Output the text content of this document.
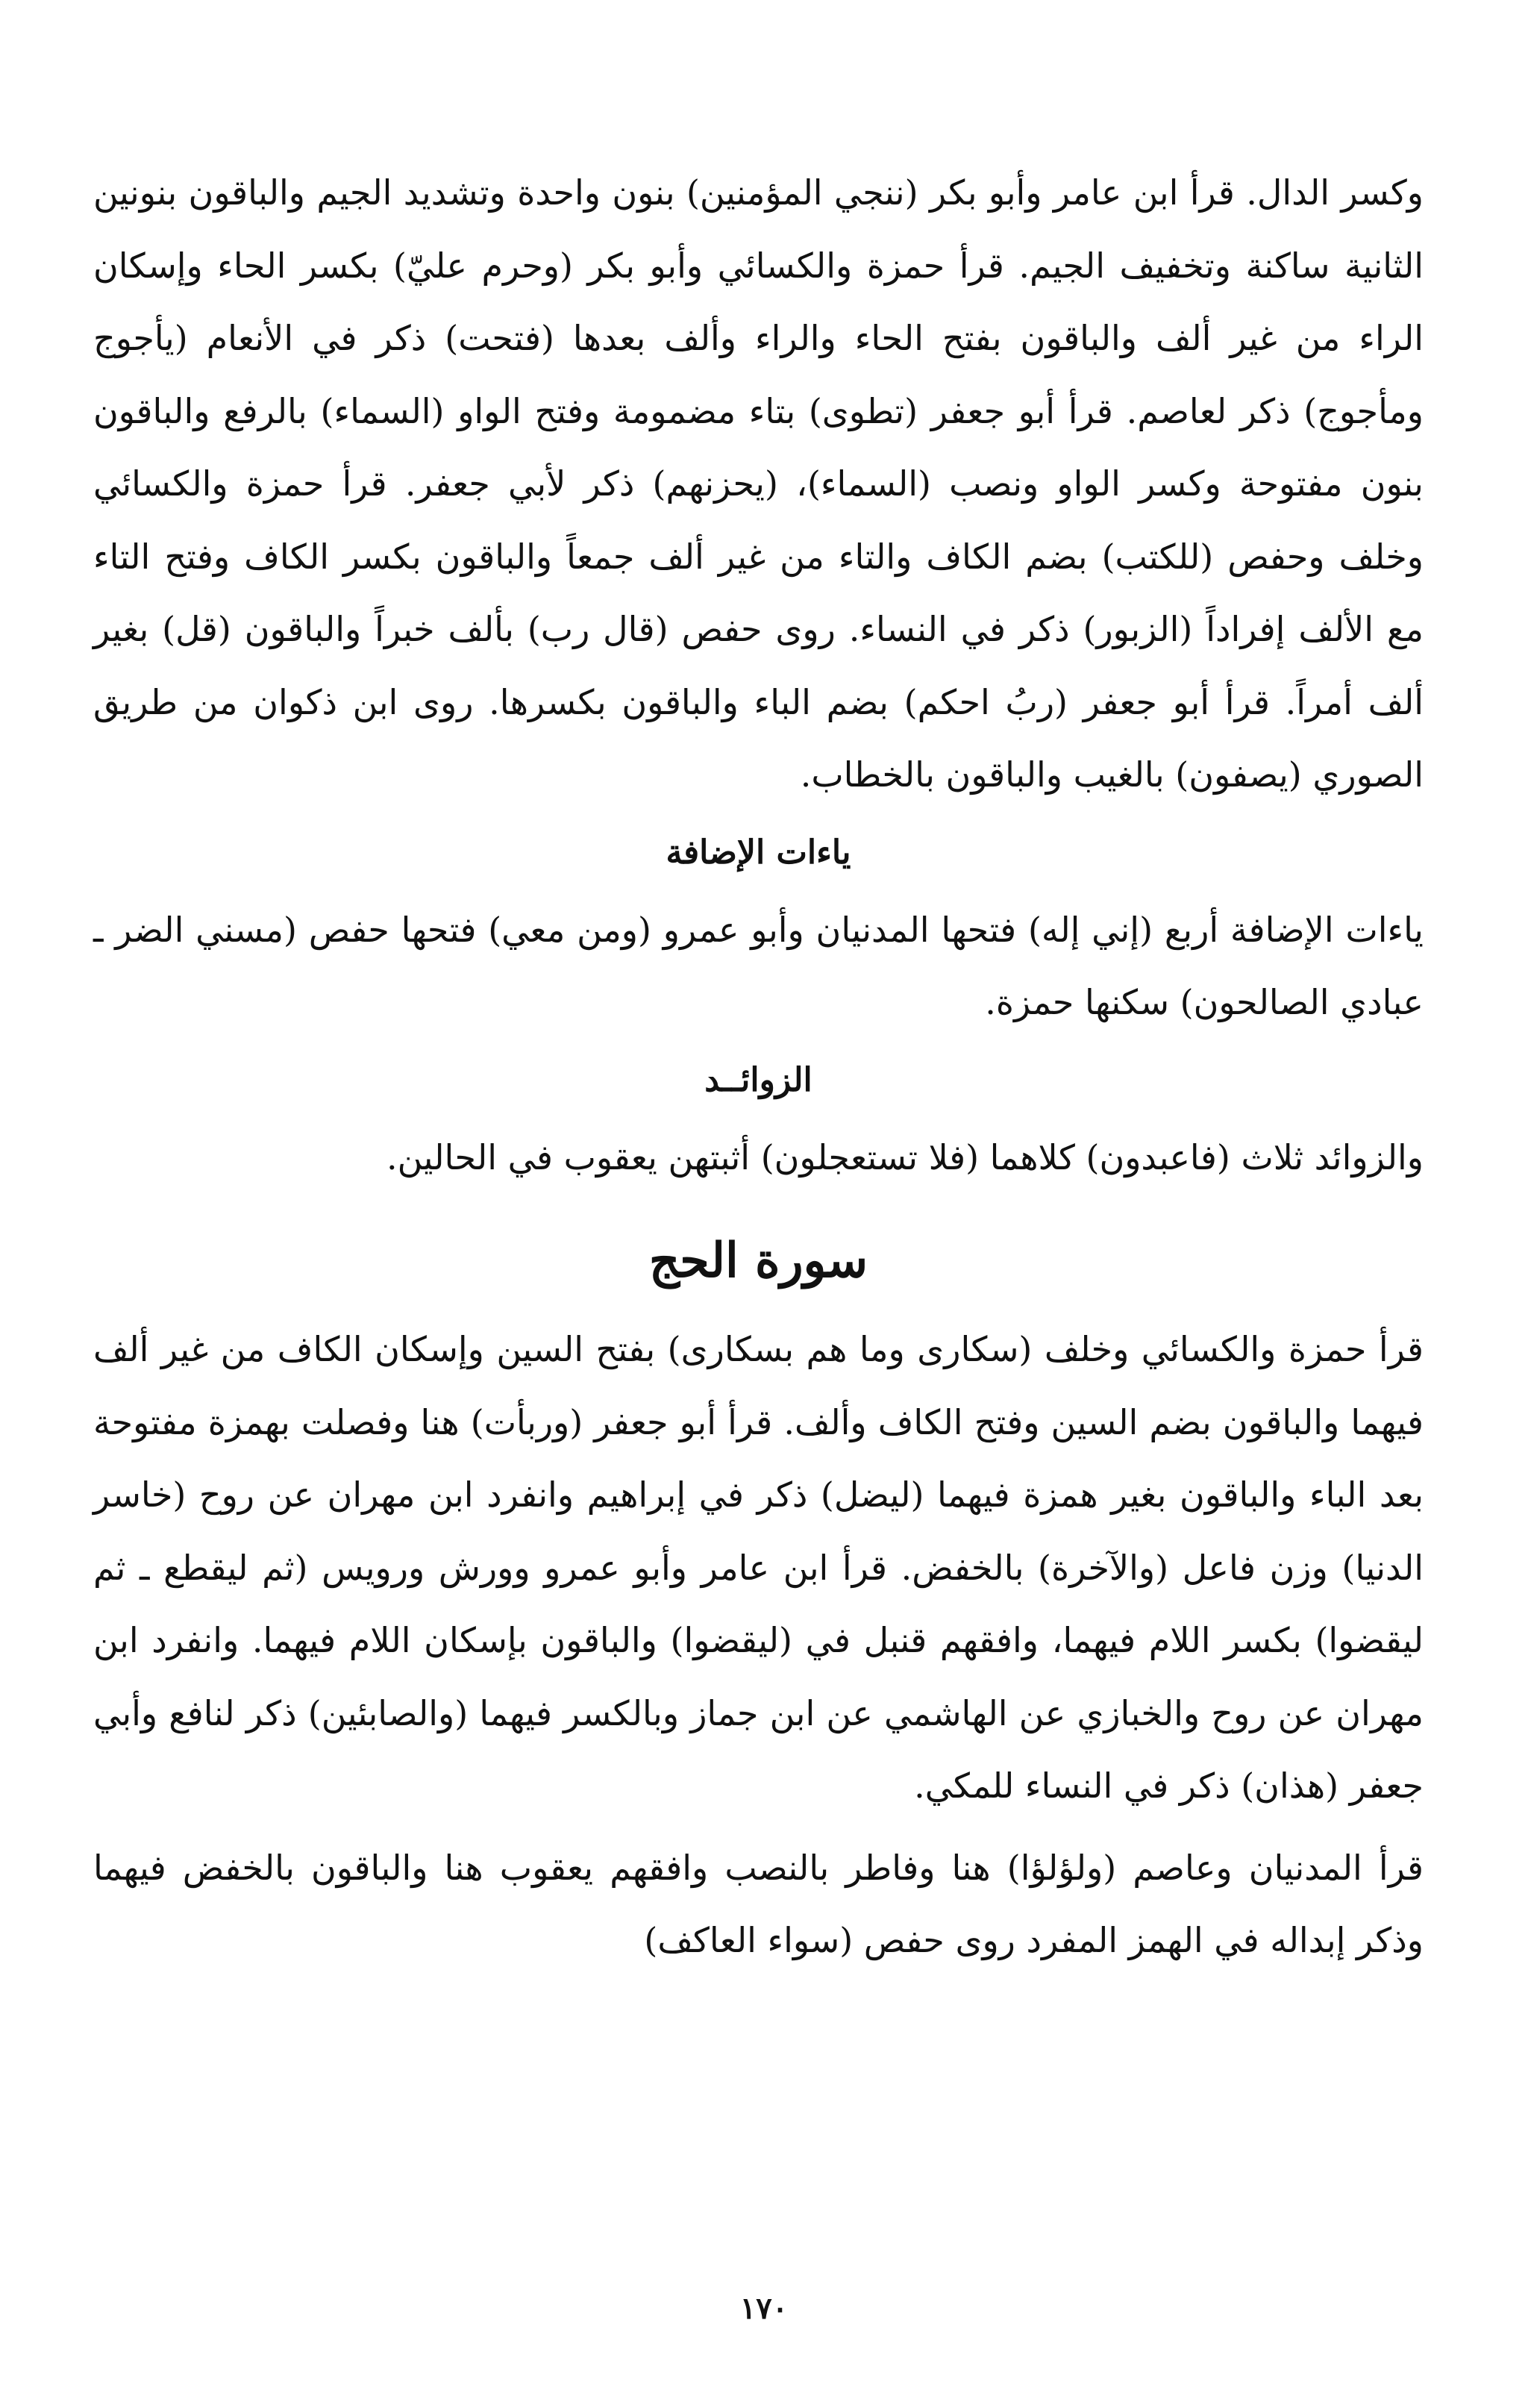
وكسر الدال. قرأ ابن عامر وأبو بكر (ننجي المؤمنين) بنون واحدة وتشديد الجيم والباقون بنونين الثانية ساكنة وتخفيف الجيم. قرأ حمزة والكسائي وأبو بكر (وحرم عليّ) بكسر الحاء وإسكان الراء من غير ألف والباقون بفتح الحاء والراء وألف بعدها (فتحت) ذكر في الأنعام (يأجوج ومأجوج) ذكر لعاصم. قرأ أبو جعفر (تطوى) بتاء مضمومة وفتح الواو (السماء) بالرفع والباقون بنون مفتوحة وكسر الواو ونصب (السماء)، (يحزنهم) ذكر لأبي جعفر. قرأ حمزة والكسائي وخلف وحفص (للكتب) بضم الكاف والتاء من غير ألف جمعاً والباقون بكسر الكاف وفتح التاء مع الألف إفراداً (الزبور) ذكر في النساء. روى حفص (قال رب) بألف خبراً والباقون (قل) بغير ألف أمراً. قرأ أبو جعفر (ربُ احكم) بضم الباء والباقون بكسرها. روى ابن ذكوان من طريق الصوري (يصفون) بالغيب والباقون بالخطاب.

ياءات الإضافة

ياءات الإضافة أربع (إني إله) فتحها المدنيان وأبو عمرو (ومن معي) فتحها حفص (مسني الضر ـ عبادي الصالحون) سكنها حمزة.

الزوائــد

والزوائد ثلاث (فاعبدون) كلاهما (فلا تستعجلون) أثبتهن يعقوب في الحالين.

سورة الحج

قرأ حمزة والكسائي وخلف (سكارى وما هم بسكارى) بفتح السين وإسكان الكاف من غير ألف فيهما والباقون بضم السين وفتح الكاف وألف. قرأ أبو جعفر (وربأت) هنا وفصلت بهمزة مفتوحة بعد الباء والباقون بغير همزة فيهما (ليضل) ذكر في إبراهيم وانفرد ابن مهران عن روح (خاسر الدنيا) وزن فاعل (والآخرة) بالخفض. قرأ ابن عامر وأبو عمرو وورش ورويس (ثم ليقطع ـ ثم ليقضوا) بكسر اللام فيهما، وافقهم قنبل في (ليقضوا) والباقون بإسكان اللام فيهما. وانفرد ابن مهران عن روح والخبازي عن الهاشمي عن ابن جماز وبالكسر فيهما (والصابئين) ذكر لنافع وأبي جعفر (هذان) ذكر في النساء للمكي.

قرأ المدنيان وعاصم (ولؤلؤا) هنا وفاطر بالنصب وافقهم يعقوب هنا والباقون بالخفض فيهما وذكر إبداله في الهمز المفرد روى حفص (سواء العاكف)

١٧٠
